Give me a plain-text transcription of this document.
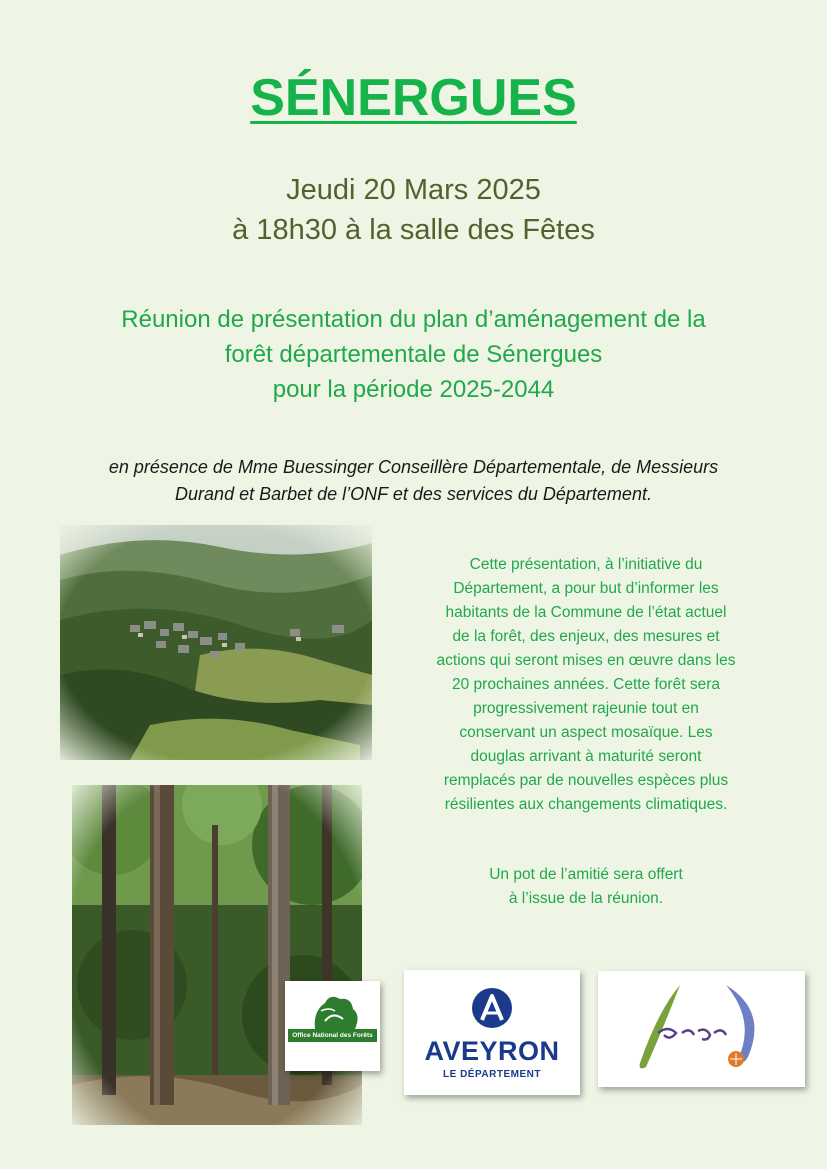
SÉNERGUES
Jeudi 20 Mars 2025
à 18h30 à la salle des Fêtes
Réunion de présentation du plan d’aménagement de la
forêt départementale de Sénergues
pour la période 2025-2044
en présence de Mme Buessinger Conseillère Départementale, de Messieurs
Durand et Barbet de l’ONF et des services du Département.
Cette présentation, à l’initiative du
Département, a pour but d’informer les
habitants de la Commune de l’état actuel
de la forêt, des enjeux, des mesures et
actions qui seront mises en œuvre dans les
20 prochaines années. Cette forêt sera
progressivement rajeunie tout en
conservant un aspect mosaïque. Les
douglas arrivant à maturité seront
remplacés par de nouvelles espèces plus
résilientes aux changements climatiques.
Un pot de l’amitié sera offert
à l’issue de la réunion.
Office National des Forêts
AVEYRON
LE DÉPARTEMENT
